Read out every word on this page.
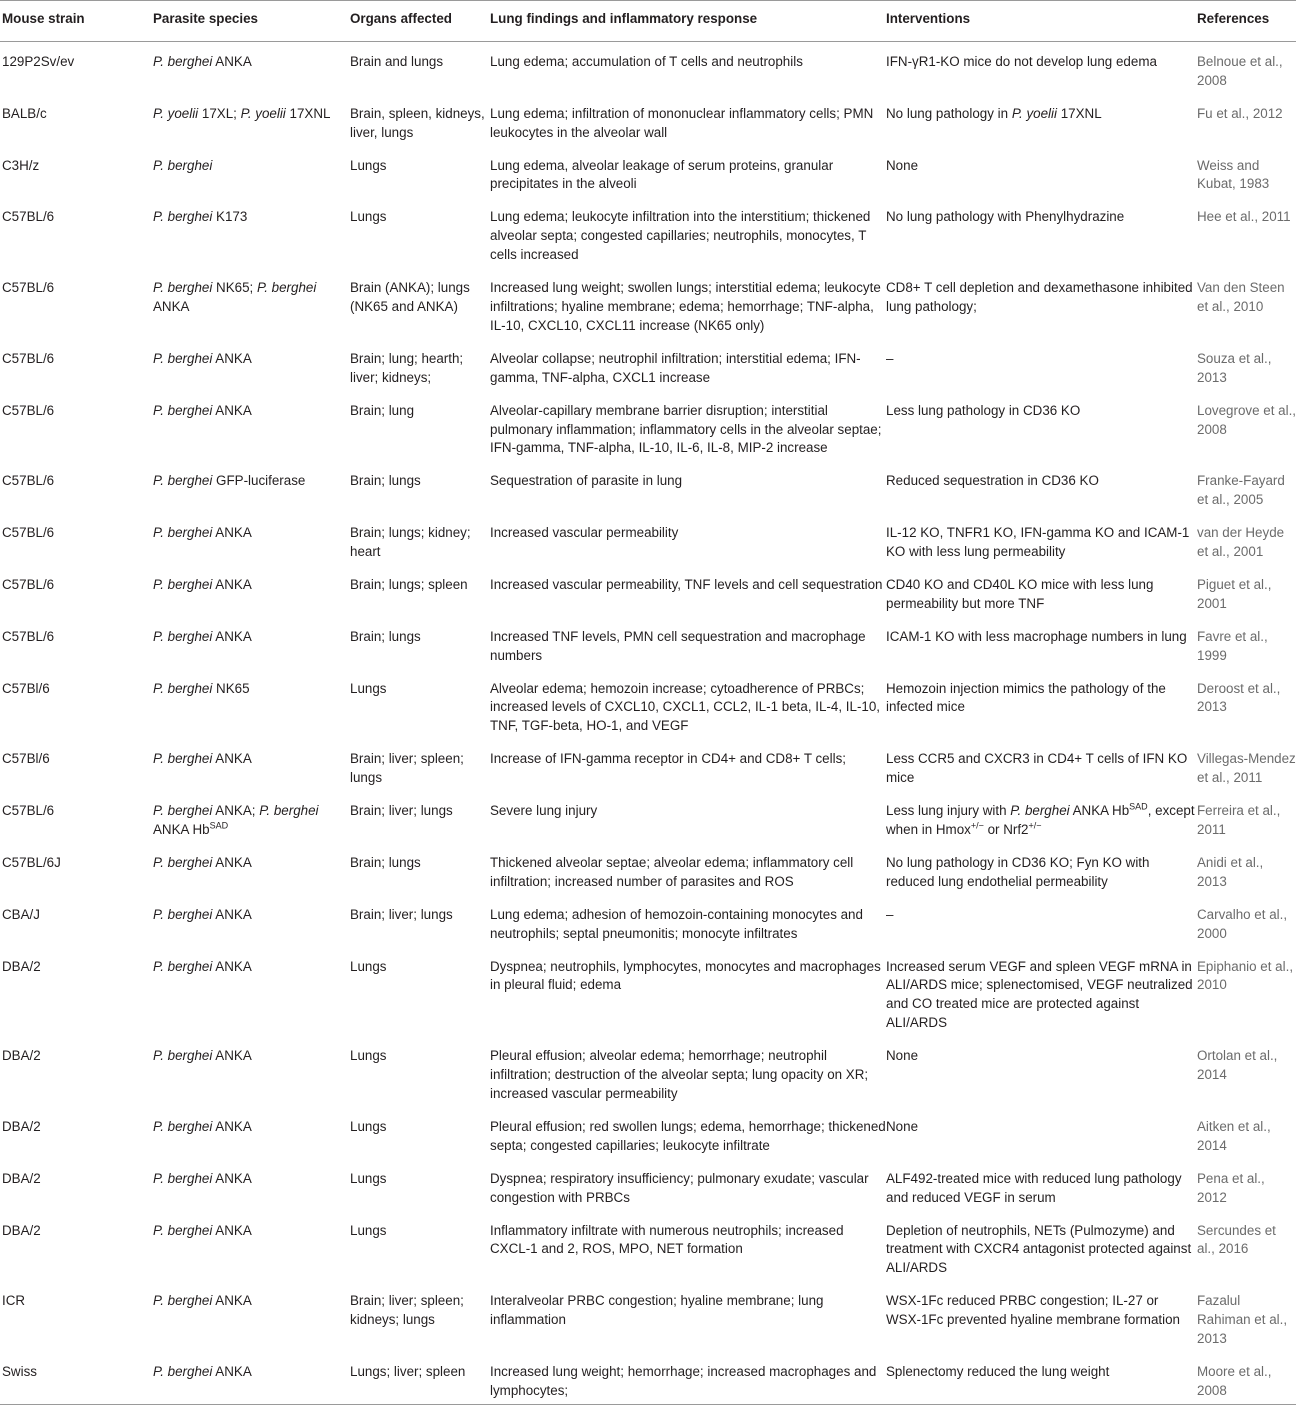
Mouse strain	Parasite species	Organs affected	Lung findings and inflammatory response	Interventions	References
129P2Sv/ev	P. berghei ANKA	Brain and lungs	Lung edema; accumulation of T cells and neutrophils	IFN-γR1-KO mice do not develop lung edema	Belnoue et al., 2008
BALB/c	P. yoelii 17XL; P. yoelii 17XNL	Brain, spleen, kidneys, liver, lungs	Lung edema; infiltration of mononuclear inflammatory cells; PMN leukocytes in the alveolar wall	No lung pathology in P. yoelii 17XNL	Fu et al., 2012
C3H/z	P. berghei	Lungs	Lung edema, alveolar leakage of serum proteins, granular precipitates in the alveoli	None	Weiss and Kubat, 1983
C57BL/6	P. berghei K173	Lungs	Lung edema; leukocyte infiltration into the interstitium; thickened alveolar septa; congested capillaries; neutrophils, monocytes, T cells increased	No lung pathology with Phenylhydrazine	Hee et al., 2011
C57BL/6	P. berghei NK65; P. berghei ANKA	Brain (ANKA); lungs (NK65 and ANKA)	Increased lung weight; swollen lungs; interstitial edema; leukocyte infiltrations; hyaline membrane; edema; hemorrhage; TNF-alpha, IL-10, CXCL10, CXCL11 increase (NK65 only)	CD8+ T cell depletion and dexamethasone inhibited lung pathology;	Van den Steen et al., 2010
C57BL/6	P. berghei ANKA	Brain; lung; hearth; liver; kidneys;	Alveolar collapse; neutrophil infiltration; interstitial edema; IFN-gamma, TNF-alpha, CXCL1 increase	–	Souza et al., 2013
C57BL/6	P. berghei ANKA	Brain; lung	Alveolar-capillary membrane barrier disruption; interstitial pulmonary inflammation; inflammatory cells in the alveolar septae; IFN-gamma, TNF-alpha, IL-10, IL-6, IL-8, MIP-2 increase	Less lung pathology in CD36 KO	Lovegrove et al., 2008
C57BL/6	P. berghei GFP-luciferase	Brain; lungs	Sequestration of parasite in lung	Reduced sequestration in CD36 KO	Franke-Fayard et al., 2005
C57BL/6	P. berghei ANKA	Brain; lungs; kidney; heart	Increased vascular permeability	IL-12 KO, TNFR1 KO, IFN-gamma KO and ICAM-1 KO with less lung permeability	van der Heyde et al., 2001
C57BL/6	P. berghei ANKA	Brain; lungs; spleen	Increased vascular permeability, TNF levels and cell sequestration	CD40 KO and CD40L KO mice with less lung permeability but more TNF	Piguet et al., 2001
C57BL/6	P. berghei ANKA	Brain; lungs	Increased TNF levels, PMN cell sequestration and macrophage numbers	ICAM-1 KO with less macrophage numbers in lung	Favre et al., 1999
C57Bl/6	P. berghei NK65	Lungs	Alveolar edema; hemozoin increase; cytoadherence of PRBCs; increased levels of CXCL10, CXCL1, CCL2, IL-1 beta, IL-4, IL-10, TNF, TGF-beta, HO-1, and VEGF	Hemozoin injection mimics the pathology of the infected mice	Deroost et al., 2013
C57Bl/6	P. berghei ANKA	Brain; liver; spleen; lungs	Increase of IFN-gamma receptor in CD4+ and CD8+ T cells;	Less CCR5 and CXCR3 in CD4+ T cells of IFN KO mice	Villegas-Mendez et al., 2011
C57BL/6	P. berghei ANKA; P. berghei ANKA $Hb^{SAD}$	Brain; liver; lungs	Severe lung injury	Less lung injury with P. berghei ANKA $Hb^{SAD}$, except when in Hmox+/− or Nrf2+/−	Ferreira et al., 2011
C57BL/6J	P. berghei ANKA	Brain; lungs	Thickened alveolar septae; alveolar edema; inflammatory cell infiltration; increased number of parasites and ROS	No lung pathology in CD36 KO; Fyn KO with reduced lung endothelial permeability	Anidi et al., 2013
CBA/J	P. berghei ANKA	Brain; liver; lungs	Lung edema; adhesion of hemozoin-containing monocytes and neutrophils; septal pneumonitis; monocyte infiltrates	–	Carvalho et al., 2000
DBA/2	P. berghei ANKA	Lungs	Dyspnea; neutrophils, lymphocytes, monocytes and macrophages in pleural fluid; edema	Increased serum VEGF and spleen VEGF mRNA in ALI/ARDS mice; splenectomised, VEGF neutralized and CO treated mice are protected against ALI/ARDS	Epiphanio et al., 2010
DBA/2	P. berghei ANKA	Lungs	Pleural effusion; alveolar edema; hemorrhage; neutrophil infiltration; destruction of the alveolar septa; lung opacity on XR; increased vascular permeability	None	Ortolan et al., 2014
DBA/2	P. berghei ANKA	Lungs	Pleural effusion; red swollen lungs; edema, hemorrhage; thickened septa; congested capillaries; leukocyte infiltrate	None	Aitken et al., 2014
DBA/2	P. berghei ANKA	Lungs	Dyspnea; respiratory insufficiency; pulmonary exudate; vascular congestion with PRBCs	ALF492-treated mice with reduced lung pathology and reduced VEGF in serum	Pena et al., 2012
DBA/2	P. berghei ANKA	Lungs	Inflammatory infiltrate with numerous neutrophils; increased CXCL-1 and 2, ROS, MPO, NET formation	Depletion of neutrophils, NETs (Pulmozyme) and treatment with CXCR4 antagonist protected against ALI/ARDS	Sercundes et al., 2016
ICR	P. berghei ANKA	Brain; liver; spleen; kidneys; lungs	Interalveolar PRBC congestion; hyaline membrane; lung inflammation	WSX-1Fc reduced PRBC congestion; IL-27 or WSX-1Fc prevented hyaline membrane formation	Fazalul Rahiman et al., 2013
Swiss	P. berghei ANKA	Lungs; liver; spleen	Increased lung weight; hemorrhage; increased macrophages and lymphocytes;	Splenectomy reduced the lung weight	Moore et al., 2008
